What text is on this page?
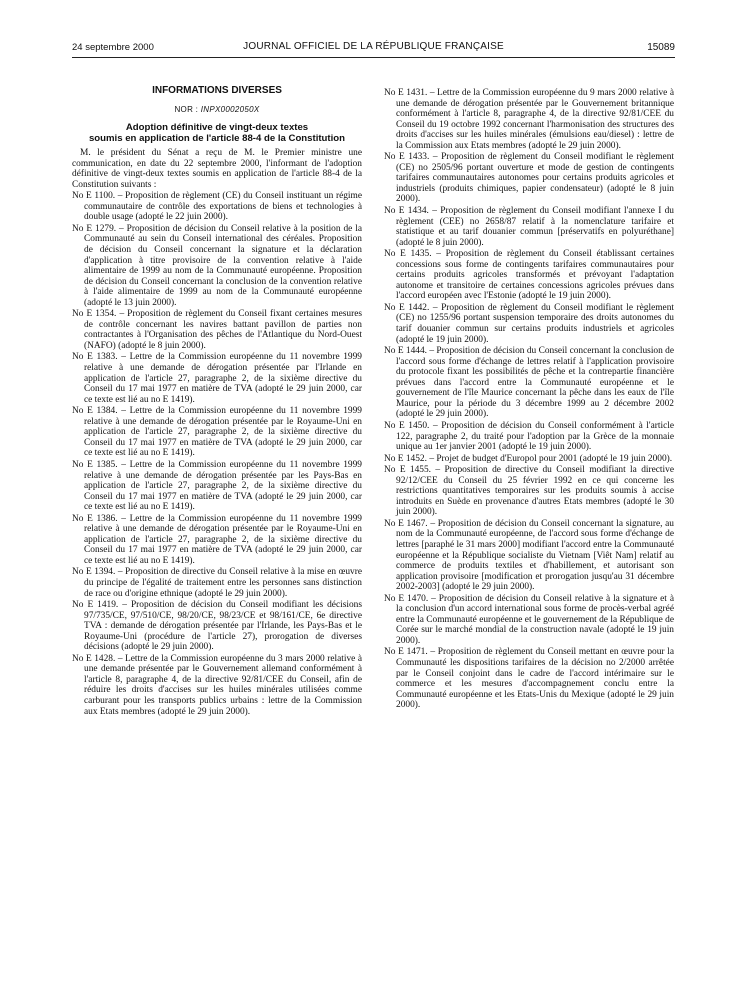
24 septembre 2000	JOURNAL OFFICIEL DE LA RÉPUBLIQUE FRANÇAISE	15089
INFORMATIONS DIVERSES
NOR : INPX0002050X
Adoption définitive de vingt-deux textes
soumis en application de l'article 88-4 de la Constitution

M. le président du Sénat a reçu de M. le Premier ministre une communication, en date du 22 septembre 2000, l'informant de l'adoption définitive de vingt-deux textes soumis en application de l'article 88-4 de la Constitution suivants :

No E 1100. – Proposition de règlement (CE) du Conseil instituant un régime communautaire de contrôle des exportations de biens et technologies à double usage (adopté le 22 juin 2000).

No E 1279. – Proposition de décision du Conseil relative à la position de la Communauté au sein du Conseil international des céréales. Proposition de décision du Conseil concernant la signature et la déclaration d'application à titre provisoire de la convention relative à l'aide alimentaire de 1999 au nom de la Communauté européenne. Proposition de décision du Conseil concernant la conclusion de la convention relative à l'aide alimentaire de 1999 au nom de la Communauté européenne (adopté le 13 juin 2000).

No E 1354. – Proposition de règlement du Conseil fixant certaines mesures de contrôle concernant les navires battant pavillon de parties non contractantes à l'Organisation des pêches de l'Atlantique du Nord-Ouest (NAFO) (adopté le 8 juin 2000).

No E 1383. – Lettre de la Commission européenne du 11 novembre 1999 relative à une demande de dérogation présentée par l'Irlande en application de l'article 27, paragraphe 2, de la sixième directive du Conseil du 17 mai 1977 en matière de TVA (adopté le 29 juin 2000, car ce texte est lié au no E 1419).

No E 1384. – Lettre de la Commission européenne du 11 novembre 1999 relative à une demande de dérogation présentée par le Royaume-Uni en application de l'article 27, paragraphe 2, de la sixième directive du Conseil du 17 mai 1977 en matière de TVA (adopté le 29 juin 2000, car ce texte est lié au no E 1419).

No E 1385. – Lettre de la Commission européenne du 11 novembre 1999 relative à une demande de dérogation présentée par les Pays-Bas en application de l'article 27, paragraphe 2, de la sixième directive du Conseil du 17 mai 1977 en matière de TVA (adopté le 29 juin 2000, car ce texte est lié au no E 1419).

No E 1386. – Lettre de la Commission européenne du 11 novembre 1999 relative à une demande de dérogation présentée par le Royaume-Uni en application de l'article 27, paragraphe 2, de la sixième directive du Conseil du 17 mai 1977 en matière de TVA (adopté le 29 juin 2000, car ce texte est lié au no E 1419).

No E 1394. – Proposition de directive du Conseil relative à la mise en œuvre du principe de l'égalité de traitement entre les personnes sans distinction de race ou d'origine ethnique (adopté le 29 juin 2000).

No E 1419. – Proposition de décision du Conseil modifiant les décisions 97/735/CE, 97/510/CE, 98/20/CE, 98/23/CE et 98/161/CE, 6e directive TVA : demande de dérogation présentée par l'Irlande, les Pays-Bas et le Royaume-Uni (procédure de l'article 27), prorogation de diverses décisions (adopté le 29 juin 2000).

No E 1428. – Lettre de la Commission européenne du 3 mars 2000 relative à une demande présentée par le Gouvernement allemand conformément à l'article 8, paragraphe 4, de la directive 92/81/CEE du Conseil, afin de réduire les droits d'accises sur les huiles minérales utilisées comme carburant pour les transports publics urbains : lettre de la Commission aux Etats membres (adopté le 29 juin 2000).

No E 1431. – Lettre de la Commission européenne du 9 mars 2000 relative à une demande de dérogation présentée par le Gouvernement britannique conformément à l'article 8, paragraphe 4, de la directive 92/81/CEE du Conseil du 19 octobre 1992 concernant l'harmonisation des structures des droits d'accises sur les huiles minérales (émulsions eau/diesel) : lettre de la Commission aux Etats membres (adopté le 29 juin 2000).

No E 1433. – Proposition de règlement du Conseil modifiant le règlement (CE) no 2505/96 portant ouverture et mode de gestion de contingents tarifaires communautaires autonomes pour certains produits agricoles et industriels (produits chimiques, papier condensateur) (adopté le 8 juin 2000).

No E 1434. – Proposition de règlement du Conseil modifiant l'annexe I du règlement (CEE) no 2658/87 relatif à la nomenclature tarifaire et statistique et au tarif douanier commun [préservatifs en polyuréthane] (adopté le 8 juin 2000).

No E 1435. – Proposition de règlement du Conseil établissant certaines concessions sous forme de contingents tarifaires communautaires pour certains produits agricoles transformés et prévoyant l'adaptation autonome et transitoire de certaines concessions agricoles prévues dans l'accord européen avec l'Estonie (adopté le 19 juin 2000).

No E 1442. – Proposition de règlement du Conseil modifiant le règlement (CE) no 1255/96 portant suspension temporaire des droits autonomes du tarif douanier commun sur certains produits industriels et agricoles (adopté le 19 juin 2000).

No E 1444. – Proposition de décision du Conseil concernant la conclusion de l'accord sous forme d'échange de lettres relatif à l'application provisoire du protocole fixant les possibilités de pêche et la contrepartie financière prévues dans l'accord entre la Communauté européenne et le gouvernement de l'île Maurice concernant la pêche dans les eaux de l'île Maurice, pour la période du 3 décembre 1999 au 2 décembre 2002 (adopté le 29 juin 2000).

No E 1450. – Proposition de décision du Conseil conformément à l'article 122, paragraphe 2, du traité pour l'adoption par la Grèce de la monnaie unique au 1er janvier 2001 (adopté le 19 juin 2000).

No E 1452. – Projet de budget d'Europol pour 2001 (adopté le 19 juin 2000).

No E 1455. – Proposition de directive du Conseil modifiant la directive 92/12/CEE du Conseil du 25 février 1992 en ce qui concerne les restrictions quantitatives temporaires sur les produits soumis à accise introduits en Suède en provenance d'autres Etats membres (adopté le 30 juin 2000).

No E 1467. – Proposition de décision du Conseil concernant la signature, au nom de la Communauté européenne, de l'accord sous forme d'échange de lettres [paraphé le 31 mars 2000] modifiant l'accord entre la Communauté européenne et la République socialiste du Vietnam [Viêt Nam] relatif au commerce de produits textiles et d'habillement, et autorisant son application provisoire [modification et prorogation jusqu'au 31 décembre 2002-2003] (adopté le 29 juin 2000).

No E 1470. – Proposition de décision du Conseil relative à la signature et à la conclusion d'un accord international sous forme de procès-verbal agréé entre la Communauté européenne et le gouvernement de la République de Corée sur le marché mondial de la construction navale (adopté le 19 juin 2000).

No E 1471. – Proposition de règlement du Conseil mettant en œuvre pour la Communauté les dispositions tarifaires de la décision no 2/2000 arrêtée par le Conseil conjoint dans le cadre de l'accord intérimaire sur le commerce et les mesures d'accompagnement conclu entre la Communauté européenne et les Etats-Unis du Mexique (adopté le 29 juin 2000).
